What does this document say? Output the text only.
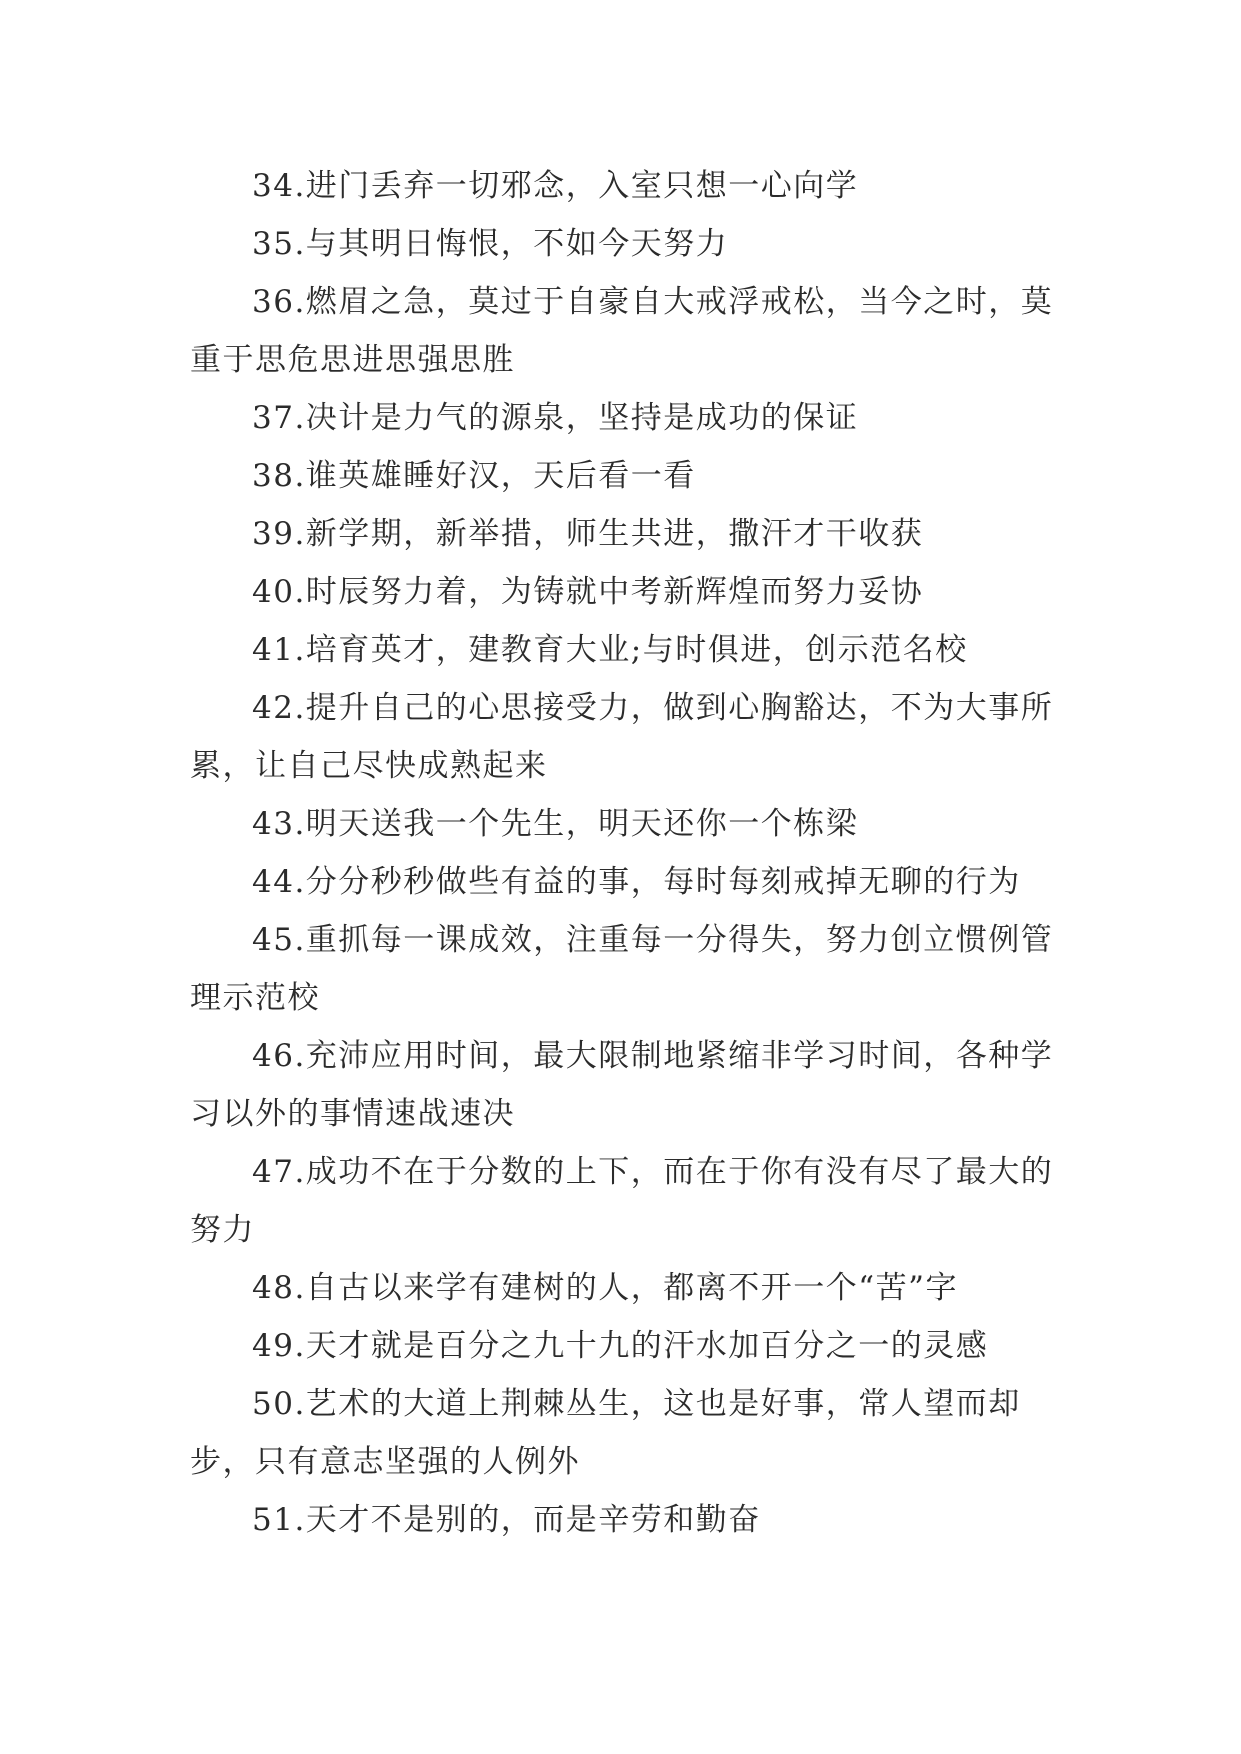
34.进门丢弃一切邪念，入室只想一心向学

35.与其明日悔恨，不如今天努力

36.燃眉之急，莫过于自豪自大戒浮戒松，当今之时，莫重于思危思进思强思胜

37.决计是力气的源泉，坚持是成功的保证

38.谁英雄睡好汉，天后看一看

39.新学期，新举措，师生共进，撒汗才干收获

40.时辰努力着，为铸就中考新辉煌而努力妥协

41.培育英才，建教育大业;与时俱进，创示范名校

42.提升自己的心思接受力，做到心胸豁达，不为大事所累，让自己尽快成熟起来

43.明天送我一个先生，明天还你一个栋梁

44.分分秒秒做些有益的事，每时每刻戒掉无聊的行为

45.重抓每一课成效，注重每一分得失，努力创立惯例管理示范校

46.充沛应用时间，最大限制地紧缩非学习时间，各种学习以外的事情速战速决

47.成功不在于分数的上下，而在于你有没有尽了最大的努力

48.自古以来学有建树的人，都离不开一个“苦”字

49.天才就是百分之九十九的汗水加百分之一的灵感

50.艺术的大道上荆棘丛生，这也是好事，常人望而却步，只有意志坚强的人例外

51.天才不是别的，而是辛劳和勤奋
